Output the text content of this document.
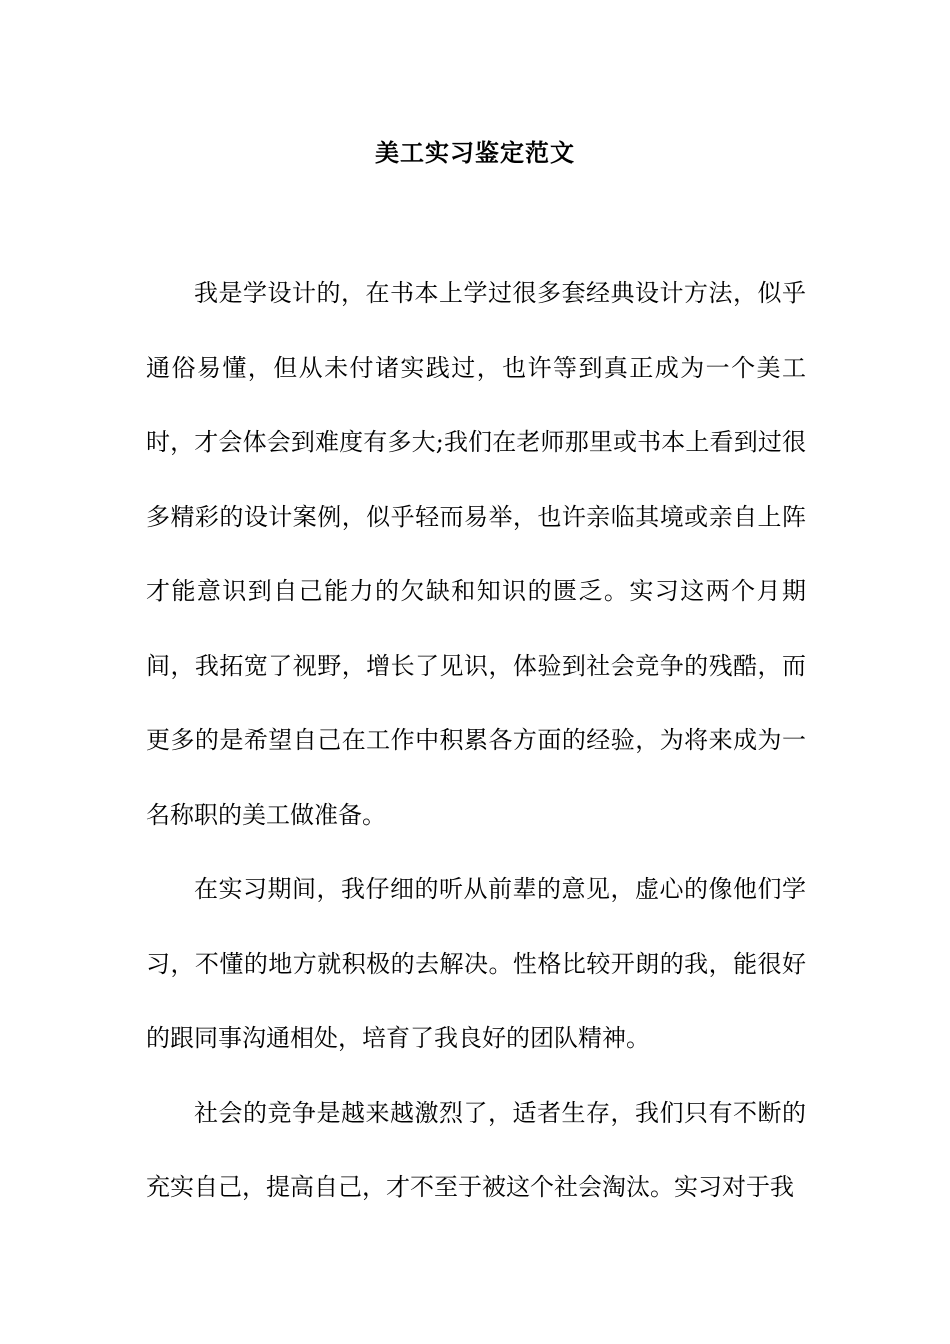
美工实习鉴定范文

我是学设计的，在书本上学过很多套经典设计方法，似乎通俗易懂，但从未付诸实践过，也许等到真正成为一个美工时，才会体会到难度有多大;我们在老师那里或书本上看到过很多精彩的设计案例，似乎轻而易举，也许亲临其境或亲自上阵才能意识到自己能力的欠缺和知识的匮乏。实习这两个月期间，我拓宽了视野，增长了见识，体验到社会竞争的残酷，而更多的是希望自己在工作中积累各方面的经验，为将来成为一名称职的美工做准备。

在实习期间，我仔细的听从前辈的意见，虚心的像他们学习，不懂的地方就积极的去解决。性格比较开朗的我，能很好的跟同事沟通相处，培育了我良好的团队精神。

社会的竞争是越来越激烈了，适者生存，我们只有不断的充实自己，提高自己，才不至于被这个社会淘汰。实习对于我
